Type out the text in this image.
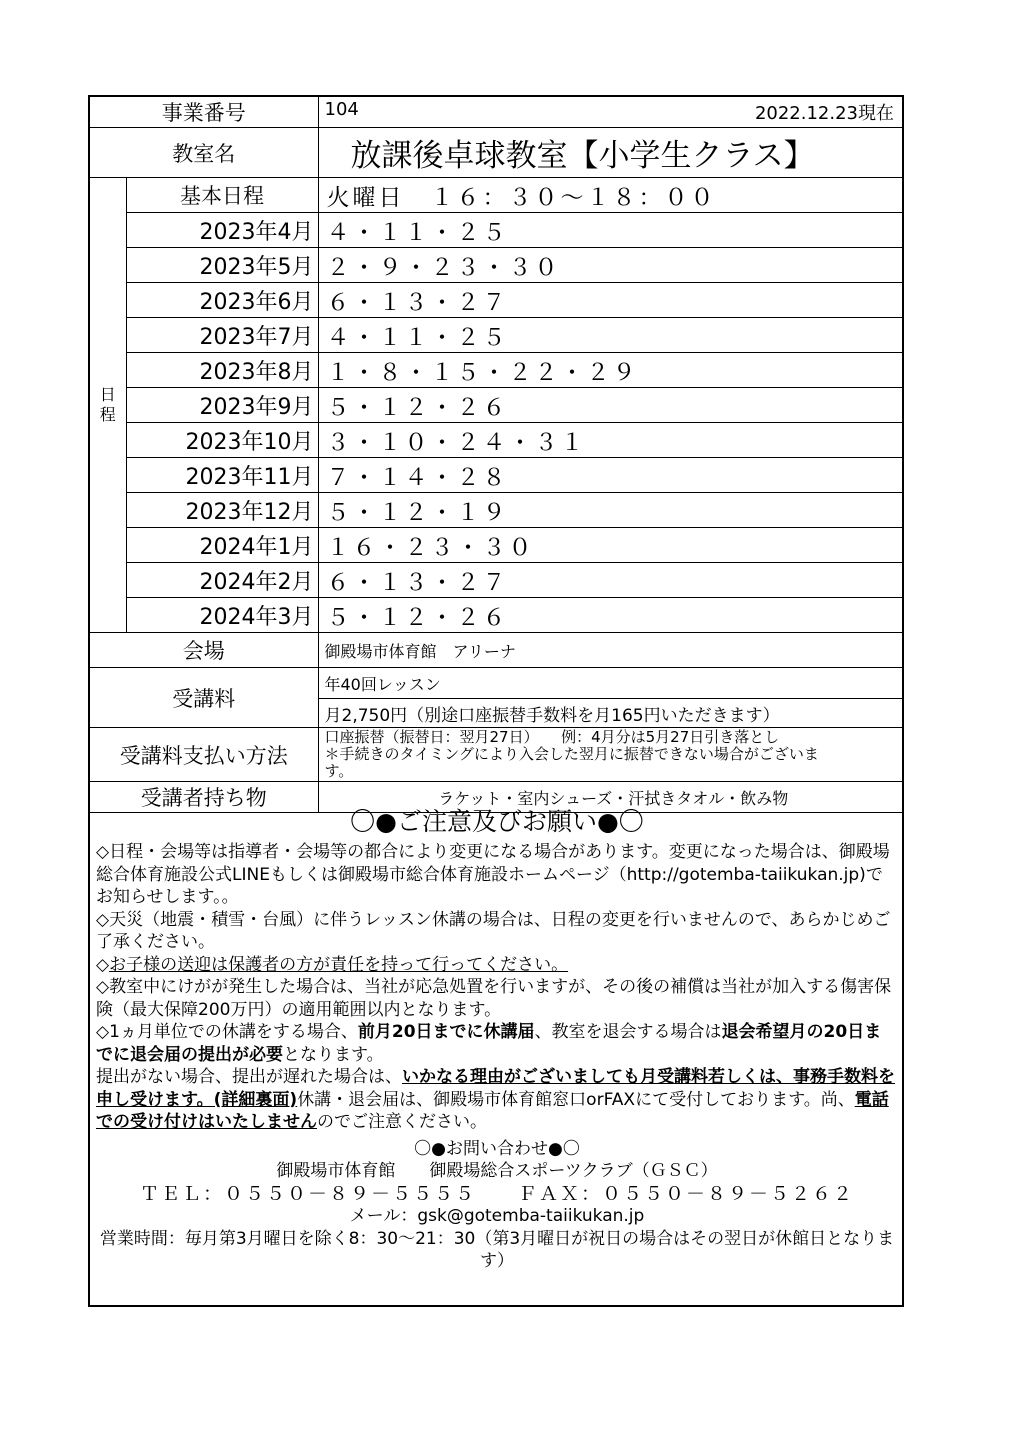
事業番号		104 2022.12.23現在

教室名		放課後卓球教室【小学生クラス】

日
程	基本日程	火曜日　１６：３０～１８：００
	2023年4月	４・１１・２５
	2023年5月	２・９・２３・３０
	2023年6月	６・１３・２７
	2023年7月	４・１１・２５
	2023年8月	１・８・１５・２２・２９
	2023年9月	５・１２・２６
	2023年10月	３・１０・２４・３１
	2023年11月	７・１４・２８
	2023年12月	５・１２・１９
	2024年1月	１６・２３・３０
	2024年2月	６・１３・２７
	2024年3月	５・１２・２６
会場		御殿場市体育館　アリーナ
受講料		年40回レッスン
		月2,750円（別途口座振替手数料を月165円いただきます）
受講料支払い方法		口座振替（振替日：翌月27日）　　例：4月分は5月27日引き落とし
＊手続きのタイミングにより入会した翌月に振替できない場合がございま
す。

受講者持ち物		ラケット・室内シューズ・汗拭きタオル・飲み物

〇●ご注意及びお願い●〇

◇日程・会場等は指導者・会場等の都合により変更になる場合があります。変更になった場合は、御殿場総合体育施設公式LINEもしくは御殿場市総合体育施設ホームページ（http://gotemba-taiikukan.jp)でお知らせします。。

◇天災（地震・積雪・台風）に伴うレッスン休講の場合は、日程の変更を行いませんので、あらかじめご了承ください。

◇お子様の送迎は保護者の方が責任を持って行ってください。

◇教室中にけがが発生した場合は、当社が応急処置を行いますが、その後の補償は当社が加入する傷害保険（最大保障200万円）の適用範囲以内となります。

◇1ヵ月単位での休講をする場合、前月20日までに休講届、教室を退会する場合は退会希望月の20日までに退会届の提出が必要となります。

提出がない場合、提出が遅れた場合は、いかなる理由がございましても月受講料若しくは、事務手数料を申し受けます。(詳細裏面)休講・退会届は、御殿場市体育館窓口orFAXにて受付しております。尚、電話での受け付けはいたしませんのでご注意ください。

〇●お問い合わせ●〇
御殿場市体育館　　御殿場総合スポーツクラブ（ＧＳＣ）
ＴＥＬ：０５５０－８９－５５５５　　ＦＡＸ：０５５０－８９－５２６２
メール：gsk@gotemba-taiikukan.jp
営業時間：毎月第3月曜日を除く8：30～21：30（第3月曜日が祝日の場合はその翌日が休館日となります）
